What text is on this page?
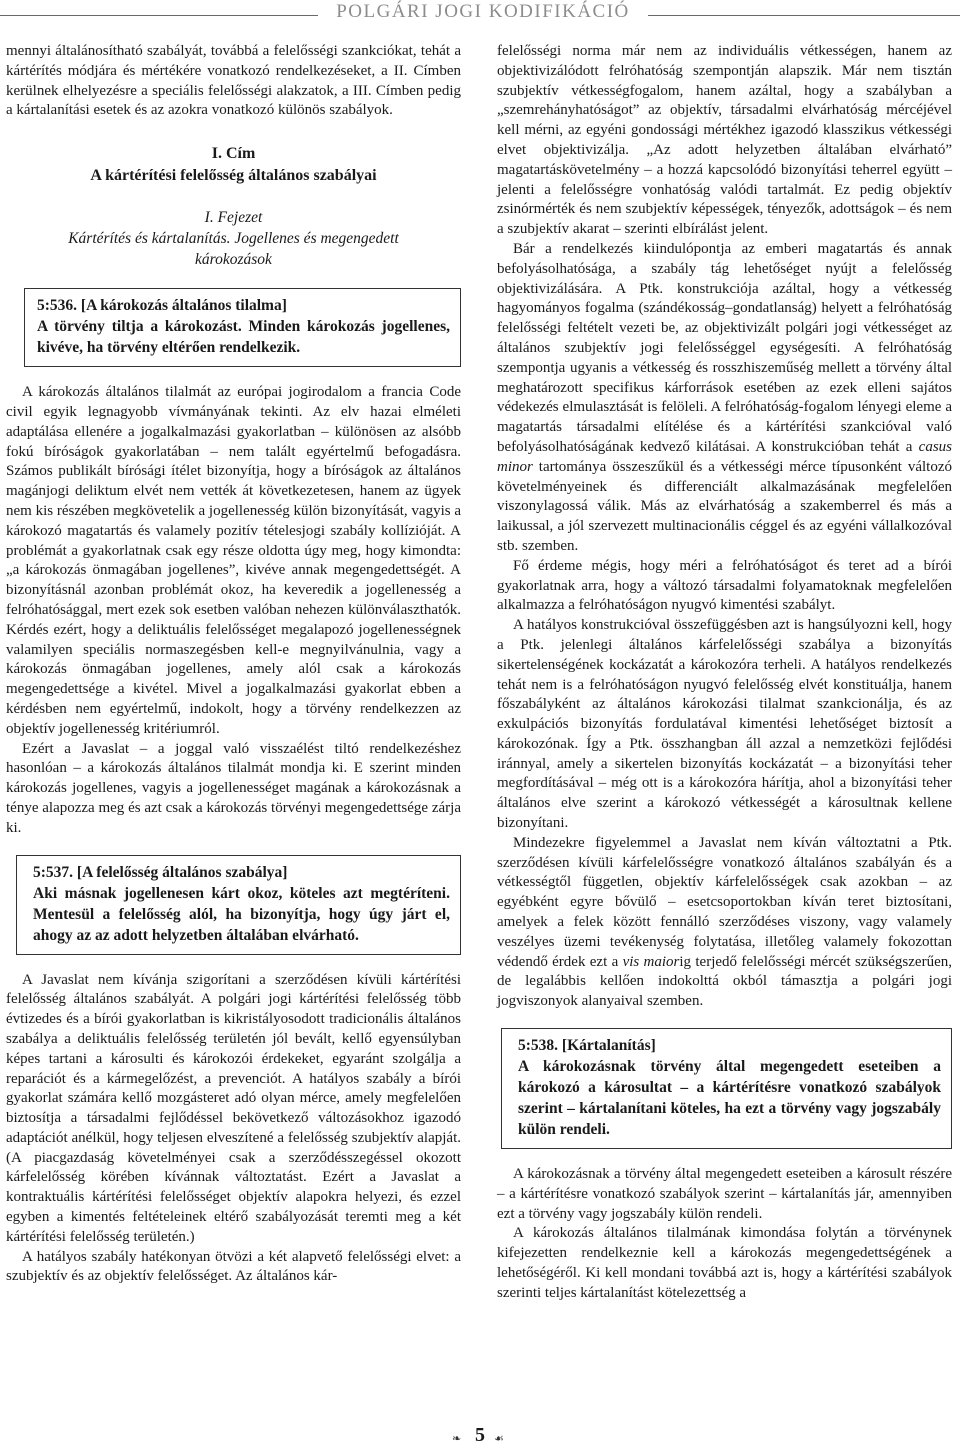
POLGÁRI JOGI KODIFIKÁCIÓ

mennyi általánosítható szabályát, továbbá a felelősségi szankciókat, tehát a kártérítés módjára és mértékére vonatkozó rendelkezéseket, a II. Címben kerülnek elhelyezésre a speciális felelősségi alakzatok, a III. Címben pedig a kártalanítási esetek és az azokra vonatkozó különös szabályok.

I. Cím
A kártérítési felelősség általános szabályai
I. Fejezet
Kártérítés és kártalanítás. Jogellenes és megengedett károkozások
5:536. [A károkozás általános tilalma]
A törvény tiltja a károkozást. Minden károkozás jogellenes, kivéve, ha törvény eltérően rendelkezik.

A károkozás általános tilalmát az európai jogirodalom a francia Code civil egyik legnagyobb vívmányának tekinti. Az elv hazai elméleti adaptálása ellenére a jogalkalmazási gyakorlatban – különösen az alsóbb fokú bíróságok gyakorlatában – nem talált egyértelmű befogadásra. Számos publikált bírósági ítélet bizonyítja, hogy a bíróságok az általános magánjogi deliktum elvét nem vették át következetesen, hanem az ügyek nem kis részében megkövetelik a jogellenesség külön bizonyítását, vagyis a károkozó magatartás és valamely pozitív tételesjogi szabály kollízióját. A problémát a gyakorlatnak csak egy része oldotta úgy meg, hogy kimondta: „a károkozás önmagában jogellenes”, kivéve annak megengedettségét. A bizonyításnál azonban problémát okoz, ha keveredik a jogellenesség a felróhatósággal, mert ezek sok esetben valóban nehezen különválaszthatók. Kérdés ezért, hogy a deliktuális felelősséget megalapozó jogellenességnek valamilyen speciális normaszegésben kell-e megnyilvánulnia, vagy a károkozás önmagában jogellenes, amely alól csak a károkozás megengedettsége a kivétel. Mivel a jogalkalmazási gyakorlat ebben a kérdésben nem egyértelmű, indokolt, hogy a törvény rendelkezzen az objektív jogellenesség kritériumról.

Ezért a Javaslat – a joggal való visszaélést tiltó rendelkezéshez hasonlóan – a károkozás általános tilalmát mondja ki. E szerint minden károkozás jogellenes, vagyis a jogellenességet magának a károkozásnak a ténye alapozza meg és azt csak a károkozás törvényi megengedettsége zárja ki.

5:537. [A felelősség általános szabálya]
Aki másnak jogellenesen kárt okoz, köteles azt megtéríteni. Mentesül a felelősség alól, ha bizonyítja, hogy úgy járt el, ahogy az az adott helyzetben általában elvárható.

A Javaslat nem kívánja szigorítani a szerződésen kívüli kártérítési felelősség általános szabályát. A polgári jogi kártérítési felelősség több évtizedes és a bírói gyakorlatban is kikristályosodott tradicionális általános szabálya a deliktuális felelősség területén jól bevált, kellő egyensúlyban képes tartani a károsulti és károkozói érdekeket, egyaránt szolgálja a reparációt és a kármegelőzést, a prevenciót. A hatályos szabály a bírói gyakorlat számára kellő mozgásteret adó olyan mérce, amely megfelelően biztosítja a társadalmi fejlődéssel bekövetkező változásokhoz igazodó adaptációt anélkül, hogy teljesen elveszítené a felelősség szubjektív alapját. (A piacgazdaság követelményei csak a szerződésszegéssel okozott kárfelelősség körében kívánnak változtatást. Ezért a Javaslat a kontraktuális kártérítési felelősséget objektív alapokra helyezi, és ezzel egyben a kimentés feltételeinek eltérő szabályozását teremti meg a két kártérítési felelősség területén.)

A hatályos szabály hatékonyan ötvözi a két alapvető felelősségi elvet: a szubjektív és az objektív felelősséget. Az általános kár-

felelősségi norma már nem az individuális vétkességen, hanem az objektivizálódott felróhatóság szempontján alapszik. Már nem tisztán szubjektív vétkességfogalom, hanem azáltal, hogy a szabályban a „szemrehányhatóságot” az objektív, társadalmi elvárhatóság mércéjével kell mérni, az egyéni gondossági mértékhez igazodó klasszikus vétkességi elvet objektivizálja. „Az adott helyzetben általában elvárható” magatartáskövetelmény – a hozzá kapcsolódó bizonyítási teherrel együtt – jelenti a felelősségre vonhatóság valódi tartalmát. Ez pedig objektív zsinórmérték és nem szubjektív képességek, tényezők, adottságok – és nem a szubjektív akarat – szerinti elbírálást jelent.

Bár a rendelkezés kiindulópontja az emberi magatartás és annak befolyásolhatósága, a szabály tág lehetőséget nyújt a felelősség objektivizálására. A Ptk. konstrukciója azáltal, hogy a vétkesség hagyományos fogalma (szándékosság–gondatlanság) helyett a felróhatóság felelősségi feltételt vezeti be, az objektivizált polgári jogi vétkességet az általános szubjektív jogi felelősséggel egységesíti. A felróhatóság szempontja ugyanis a vétkesség és rosszhiszeműség mellett a törvény által meghatározott specifikus kárforrások esetében az ezek elleni sajátos védekezés elmulasztását is felöleli. A felróhatóság-fogalom lényegi eleme a magatartás társadalmi elítélése és a kártérítési szankcióval való befolyásolhatóságának kedvező kilátásai. A konstrukcióban tehát a casus minor tartománya összeszűkül és a vétkességi mérce típusonként változó követelményeinek és differenciált alkalmazásának megfelelően viszonylagossá válik. Más az elvárhatóság a szakemberrel és más a laikussal, a jól szervezett multinacionális céggel és az egyéni vállalkozóval stb. szemben.

Fő érdeme mégis, hogy méri a felróhatóságot és teret ad a bírói gyakorlatnak arra, hogy a változó társadalmi folyamatoknak megfelelően alkalmazza a felróhatóságon nyugvó kimentési szabályt.

A hatályos konstrukcióval összefüggésben azt is hangsúlyozni kell, hogy a Ptk. jelenlegi általános kárfelelősségi szabálya a bizonyítás sikertelenségének kockázatát a károkozóra terheli. A hatályos rendelkezés tehát nem is a felróhatóságon nyugvó felelősség elvét konstituálja, hanem főszabályként az általános károkozási tilalmat szankcionálja, és az exkulpációs bizonyítás fordulatával kimentési lehetőséget biztosít a károkozónak. Így a Ptk. összhangban áll azzal a nemzetközi fejlődési iránnyal, amely a sikertelen bizonyítás kockázatát – a bizonyítási teher megfordításával – még ott is a károkozóra hárítja, ahol a bizonyítási teher általános elve szerint a károkozó vétkességét a károsultnak kellene bizonyítani.

Mindezekre figyelemmel a Javaslat nem kíván változtatni a Ptk. szerződésen kívüli kárfelelősségre vonatkozó általános szabályán és a vétkességtől független, objektív kárfelelősségek csak azokban – az egyébként egyre bővülő – esetcsoportokban kíván teret biztosítani, amelyek a felek között fennálló szerződéses viszony, vagy valamely veszélyes üzemi tevékenység folytatása, illetőleg valamely fokozottan védendő érdek ezt a vis maiorig terjedő felelősségi mércét szükségszerűen, de legalábbis kellően indokolttá okból támasztja a polgári jogi jogviszonyok alanyaival szemben.

5:538. [Kártalanítás]
A károkozásnak törvény által megengedett eseteiben a károkozó a károsultat – a kártérítésre vonatkozó szabályok szerint – kártalanítani köteles, ha ezt a törvény vagy jogszabály külön rendeli.

A károkozásnak a törvény által megengedett eseteiben a károsult részére – a kártérítésre vonatkozó szabályok szerint – kártalanítás jár, amennyiben ezt a törvény vagy jogszabály külön rendeli.

A károkozás általános tilalmának kimondása folytán a törvénynek kifejezetten rendelkeznie kell a károkozás megengedettségének a lehetőségéről. Ki kell mondani továbbá azt is, hogy a kártérítési szabályok szerinti teljes kártalanítást kötelezettség a

❧ 5 ☙
